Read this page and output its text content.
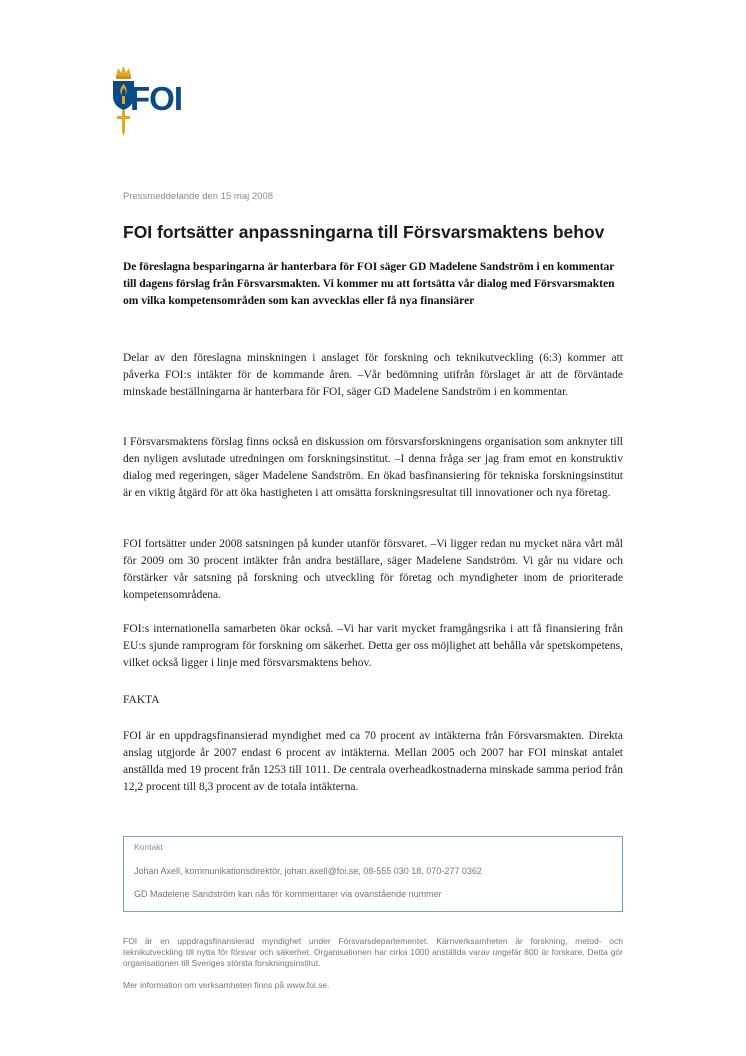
FOI
Pressmeddelande den 15 maj 2008
FOI fortsätter anpassningarna till Försvarsmaktens behov
De föreslagna besparingarna är hanterbara för FOI säger GD Madelene Sandström i en kommentar till dagens förslag från Försvarsmakten. Vi kommer nu att fortsätta vår dialog med Försvarsmakten om vilka kompetensområden som kan avvecklas eller få nya finansiärer
Delar av den föreslagna minskningen i anslaget för forskning och teknikutveckling (6:3) kommer att påverka FOI:s intäkter för de kommande åren. –Vår bedömning utifrån förslaget är att de förväntade minskade beställningarna är hanterbara för FOI, säger GD Madelene Sandström i en kommentar.
I Försvarsmaktens förslag finns också en diskussion om försvarsforskningens organisation som anknyter till den nyligen avslutade utredningen om forskningsinstitut. –I denna fråga ser jag fram emot en konstruktiv dialog med regeringen, säger Madelene Sandström. En ökad basfinansiering för tekniska forskningsinstitut är en viktig åtgärd för att öka hastigheten i att omsätta forskningsresultat till innovationer och nya företag.
FOI fortsätter under 2008 satsningen på kunder utanför försvaret. –Vi ligger redan nu mycket nära vårt mål för 2009 om 30 procent intäkter från andra beställare, säger Madelene Sandström. Vi går nu vidare och förstärker vår satsning på forskning och utveckling för företag och myndigheter inom de prioriterade kompetensområdena.
FOI:s internationella samarbeten ökar också. –Vi har varit mycket framgångsrika i att få finansiering från EU:s sjunde ramprogram för forskning om säkerhet. Detta ger oss möjlighet att behålla vår spetskompetens, vilket också ligger i linje med försvarsmaktens behov.
FAKTA
FOI är en uppdragsfinansierad myndighet med ca 70 procent av intäkterna från Försvarsmakten. Direkta anslag utgjorde år 2007 endast 6 procent av intäkterna. Mellan 2005 och 2007 har FOI minskat antalet anställda med 19 procent från 1253 till 1011. De centrala overheadkostnaderna minskade samma period från 12,2 procent till 8,3 procent av de totala intäkterna.
Kontakt
Johan Axell, kommunikationsdirektör, johan.axell@foi.se, 08-555 030 18, 070-277 0362
GD Madelene Sandström kan nås för kommentarer via ovanstående nummer
FOI är en uppdragsfinansierad myndighet under Försvarsdepartementet. Kärnverksamheten är forskning, metod- och teknikutveckling till nytta för försvar och säkerhet. Organisationen har cirka 1000 anställda varav ungefär 800 är forskare. Detta gör organisationen till Sveriges största forskningsinstitut.
Mer information om verksamheten finns på www.foi.se.
